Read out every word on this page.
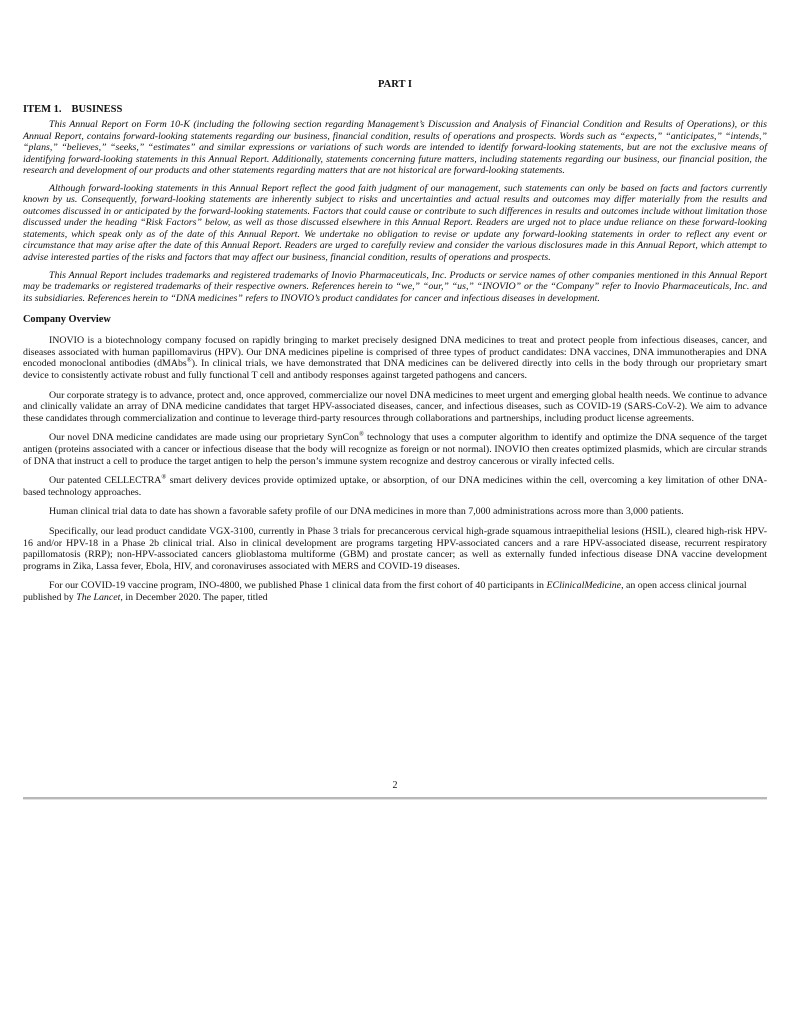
PART I
ITEM 1. BUSINESS

This Annual Report on Form 10-K (including the following section regarding Management’s Discussion and Analysis of Financial Condition and Results of Operations), or this Annual Report, contains forward-looking statements regarding our business, financial condition, results of operations and prospects. Words such as “expects,” “anticipates,” “intends,” “plans,” “believes,” “seeks,” “estimates” and similar expressions or variations of such words are intended to identify forward-looking statements, but are not the exclusive means of identifying forward-looking statements in this Annual Report. Additionally, statements concerning future matters, including statements regarding our business, our financial position, the research and development of our products and other statements regarding matters that are not historical are forward-looking statements.

Although forward-looking statements in this Annual Report reflect the good faith judgment of our management, such statements can only be based on facts and factors currently known by us. Consequently, forward-looking statements are inherently subject to risks and uncertainties and actual results and outcomes may differ materially from the results and outcomes discussed in or anticipated by the forward-looking statements. Factors that could cause or contribute to such differences in results and outcomes include without limitation those discussed under the heading “Risk Factors” below, as well as those discussed elsewhere in this Annual Report. Readers are urged not to place undue reliance on these forward-looking statements, which speak only as of the date of this Annual Report. We undertake no obligation to revise or update any forward-looking statements in order to reflect any event or circumstance that may arise after the date of this Annual Report. Readers are urged to carefully review and consider the various disclosures made in this Annual Report, which attempt to advise interested parties of the risks and factors that may affect our business, financial condition, results of operations and prospects.

This Annual Report includes trademarks and registered trademarks of Inovio Pharmaceuticals, Inc. Products or service names of other companies mentioned in this Annual Report may be trademarks or registered trademarks of their respective owners. References herein to “we,” “our,” “us,” “INOVIO” or the “Company” refer to Inovio Pharmaceuticals, Inc. and its subsidiaries. References herein to “DNA medicines” refers to INOVIO’s product candidates for cancer and infectious diseases in development.

Company Overview

INOVIO is a biotechnology company focused on rapidly bringing to market precisely designed DNA medicines to treat and protect people from infectious diseases, cancer, and diseases associated with human papillomavirus (HPV). Our DNA medicines pipeline is comprised of three types of product candidates: DNA vaccines, DNA immunotherapies and DNA encoded monoclonal antibodies (dMAbs®). In clinical trials, we have demonstrated that DNA medicines can be delivered directly into cells in the body through our proprietary smart device to consistently activate robust and fully functional T cell and antibody responses against targeted pathogens and cancers.

Our corporate strategy is to advance, protect and, once approved, commercialize our novel DNA medicines to meet urgent and emerging global health needs. We continue to advance and clinically validate an array of DNA medicine candidates that target HPV-associated diseases, cancer, and infectious diseases, such as COVID-19 (SARS-CoV-2). We aim to advance these candidates through commercialization and continue to leverage third-party resources through collaborations and partnerships, including product license agreements.

Our novel DNA medicine candidates are made using our proprietary SynCon® technology that uses a computer algorithm to identify and optimize the DNA sequence of the target antigen (proteins associated with a cancer or infectious disease that the body will recognize as foreign or not normal). INOVIO then creates optimized plasmids, which are circular strands of DNA that instruct a cell to produce the target antigen to help the person’s immune system recognize and destroy cancerous or virally infected cells.

Our patented CELLECTRA® smart delivery devices provide optimized uptake, or absorption, of our DNA medicines within the cell, overcoming a key limitation of other DNA-based technology approaches.

Human clinical trial data to date has shown a favorable safety profile of our DNA medicines in more than 7,000 administrations across more than 3,000 patients.

Specifically, our lead product candidate VGX-3100, currently in Phase 3 trials for precancerous cervical high-grade squamous intraepithelial lesions (HSIL), cleared high-risk HPV-16 and/or HPV-18 in a Phase 2b clinical trial. Also in clinical development are programs targeting HPV-associated cancers and a rare HPV-associated disease, recurrent respiratory papillomatosis (RRP); non-HPV-associated cancers glioblastoma multiforme (GBM) and prostate cancer; as well as externally funded infectious disease DNA vaccine development programs in Zika, Lassa fever, Ebola, HIV, and coronaviruses associated with MERS and COVID-19 diseases.

For our COVID-19 vaccine program, INO-4800, we published Phase 1 clinical data from the first cohort of 40 participants in EClinicalMedicine, an open access clinical journal published by The Lancet, in December 2020. The paper, titled

2
